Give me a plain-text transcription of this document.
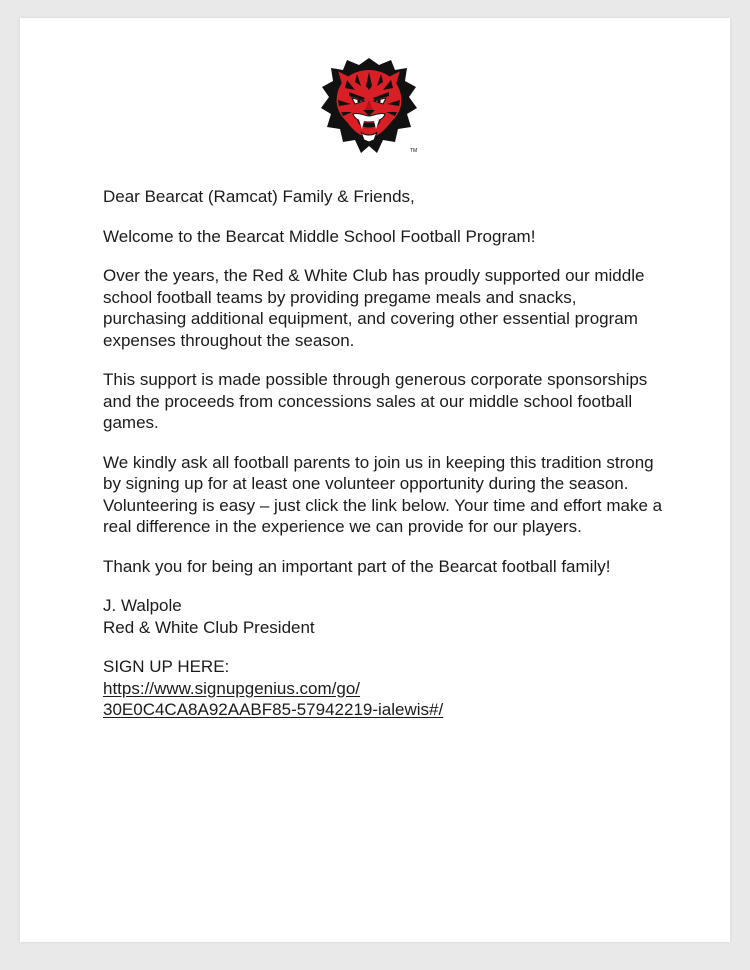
TM

Dear Bearcat (Ramcat) Family & Friends,

Welcome to the Bearcat Middle School Football Program!

Over the years, the Red & White Club has proudly supported our middle school football teams by providing pregame meals and snacks, purchasing additional equipment, and covering other essential program expenses throughout the season.

This support is made possible through generous corporate sponsorships and the proceeds from concessions sales at our middle school football games.

We kindly ask all football parents to join us in keeping this tradition strong by signing up for at least one volunteer opportunity during the season. Volunteering is easy – just click the link below. Your time and effort make a real difference in the experience we can provide for our players.

Thank you for being an important part of the Bearcat football family!

J. Walpole

Red & White Club President

SIGN UP HERE:

https://www.signupgenius.com/go/
30E0C4CA8A92AABF85-57942219-ialewis#/
